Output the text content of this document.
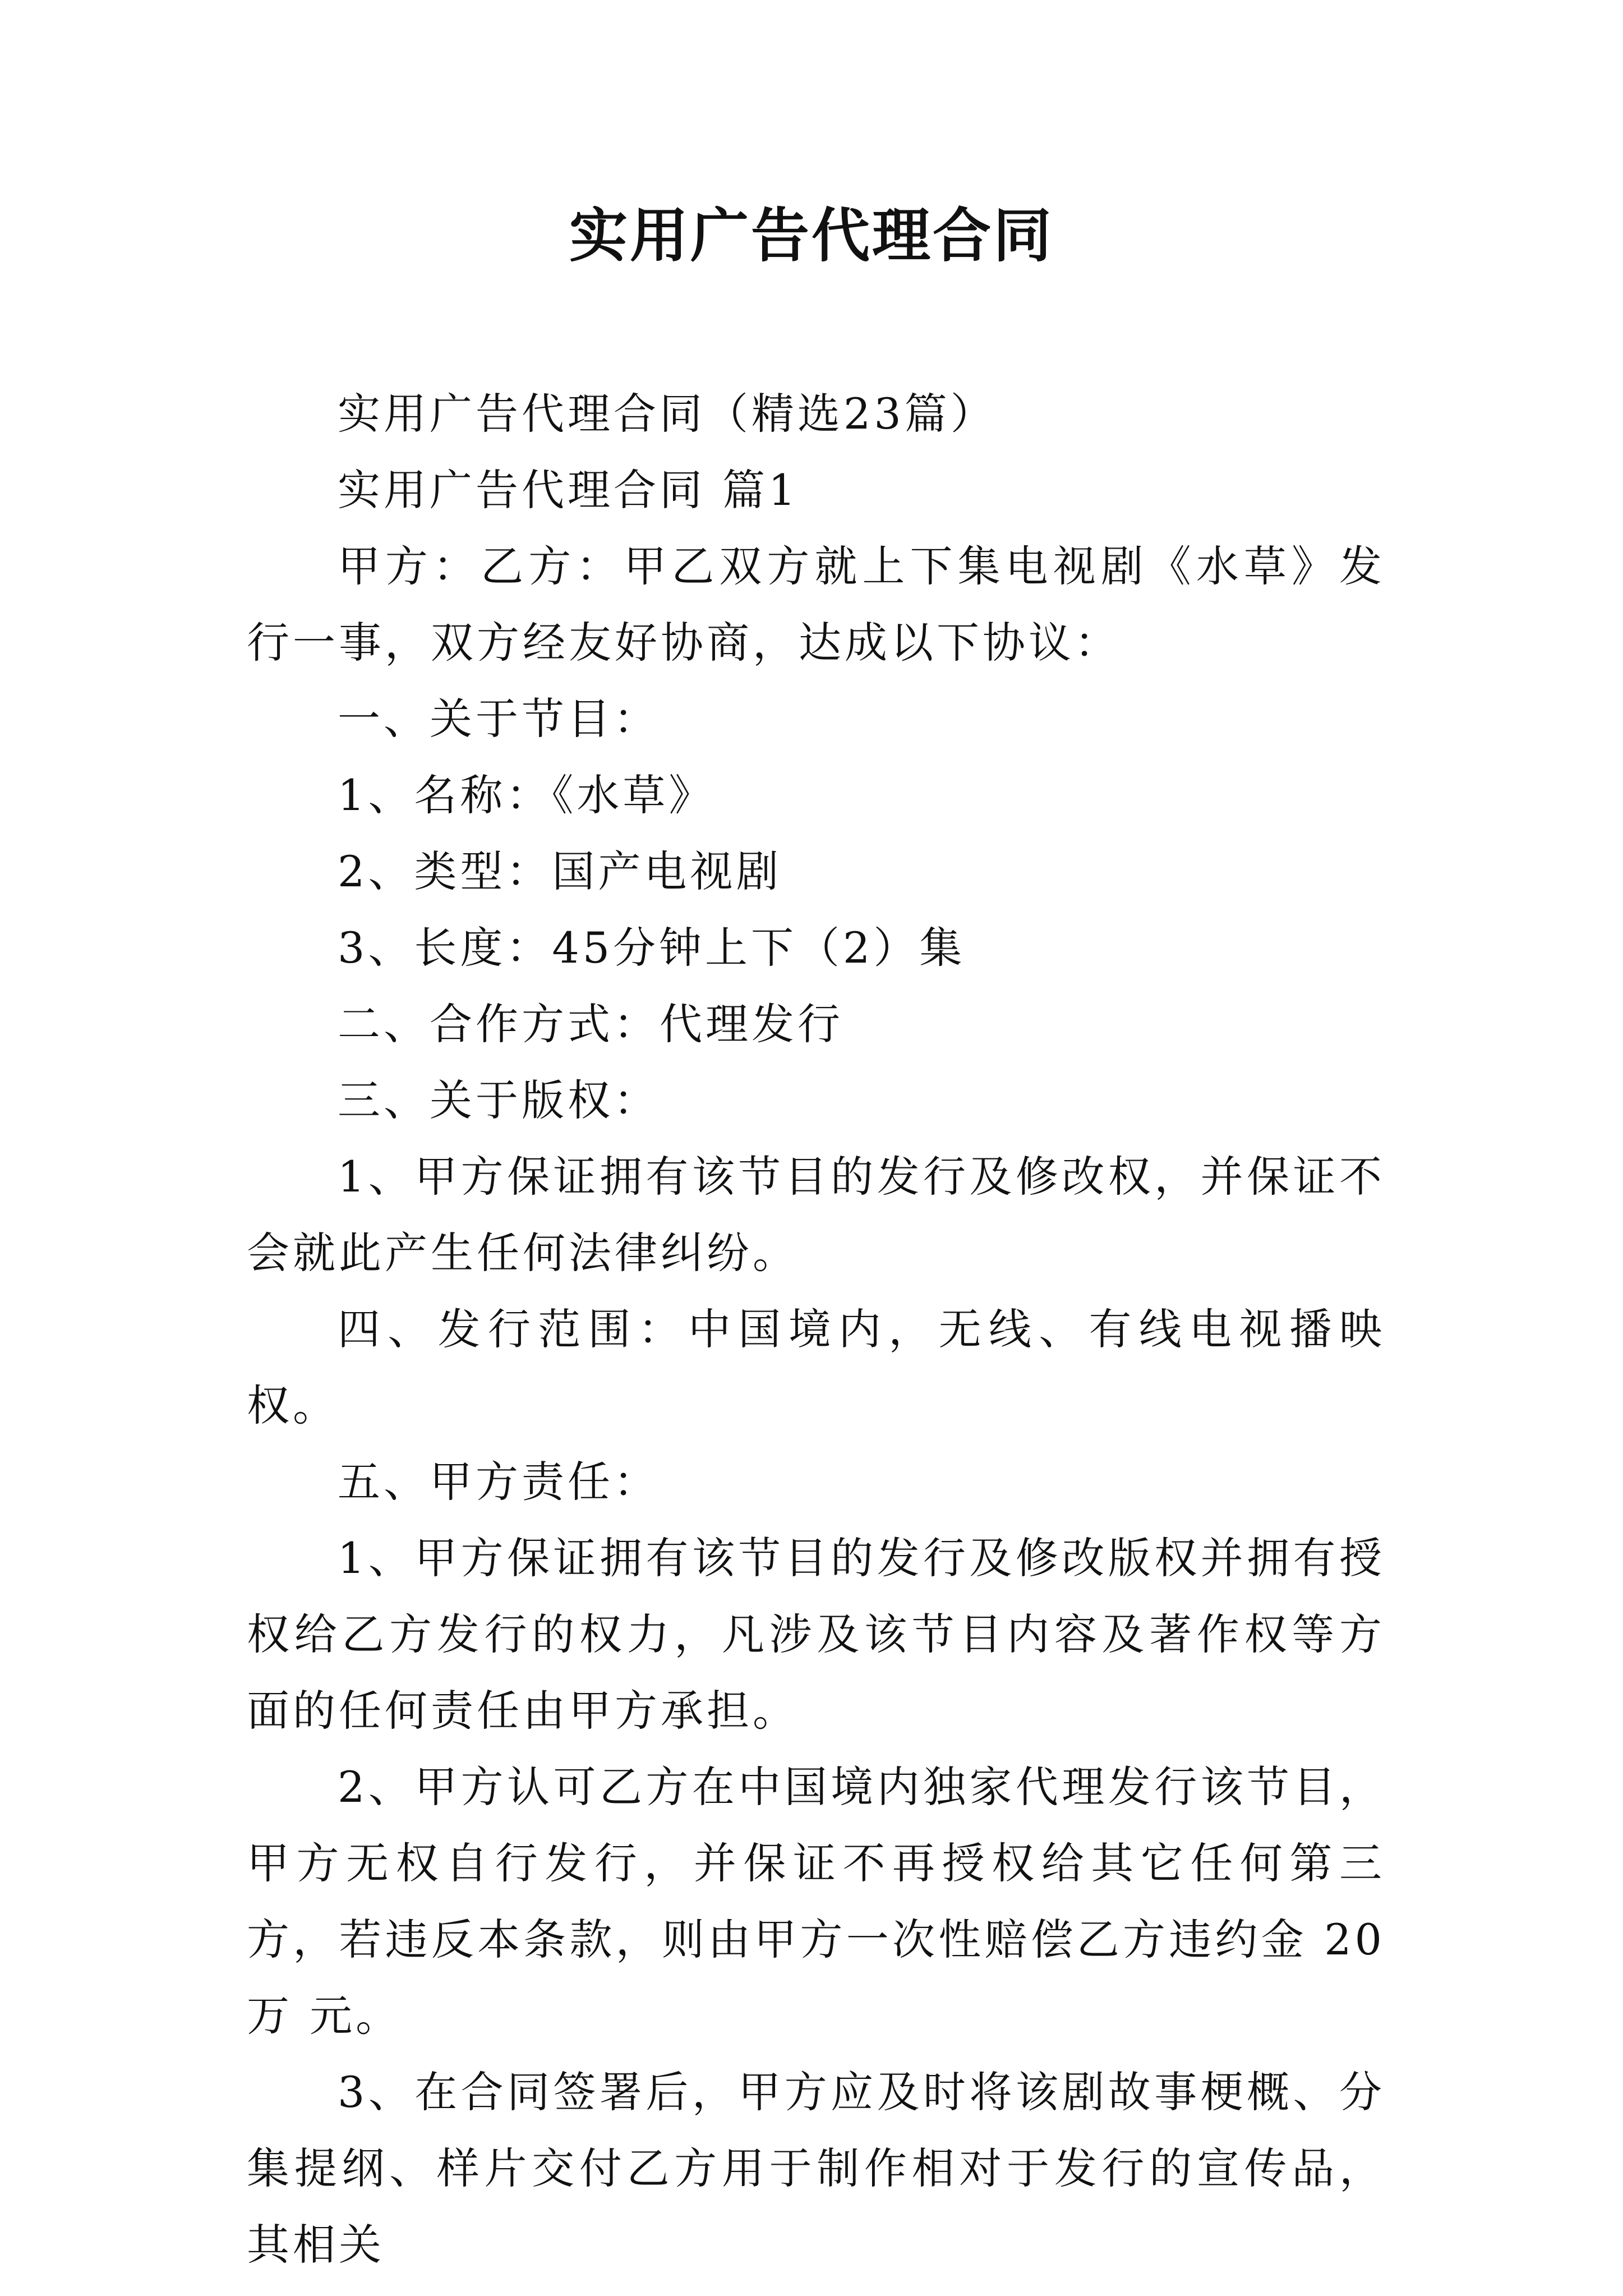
实用广告代理合同

实用广告代理合同（精选23篇）

实用广告代理合同 篇1

甲方：乙方：甲乙双方就上下集电视剧《水草》发行一事，双方经友好协商，达成以下协议：

一、关于节目：

1、名称：《水草》

2、类型：国产电视剧

3、长度：45分钟上下（2）集

二、合作方式：代理发行

三、关于版权：

1、甲方保证拥有该节目的发行及修改权，并保证不会就此产生任何法律纠纷。

四、发行范围：中国境内，无线、有线电视播映权。

五、甲方责任：

1、甲方保证拥有该节目的发行及修改版权并拥有授权给乙方发行的权力，凡涉及该节目内容及著作权等方面的任何责任由甲方承担。

2、甲方认可乙方在中国境内独家代理发行该节目，甲方无权自行发行，并保证不再授权给其它任何第三方，若违反本条款，则由甲方一次性赔偿乙方违约金 20万 元。

3、在合同签署后，甲方应及时将该剧故事梗概、分集提纲、样片交付乙方用于制作相对于发行的宣传品，其相关
